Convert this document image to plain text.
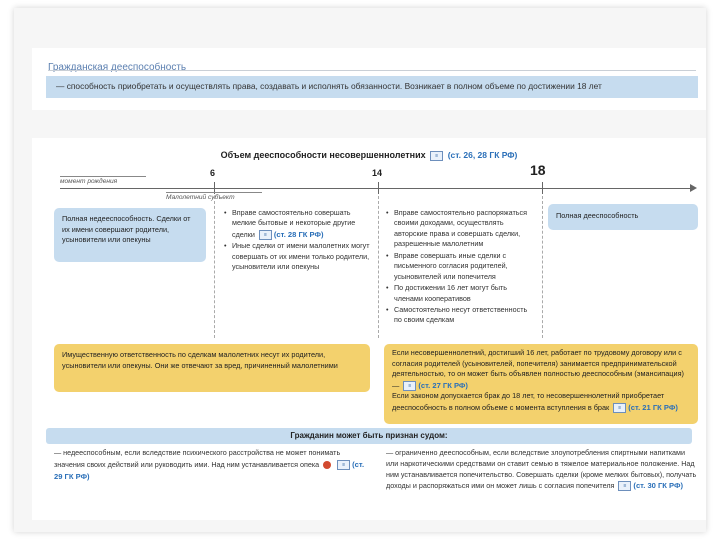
Гражданская дееспособность
— способность приобретать и осуществлять права, создавать и исполнять обязанности. Возникает в полном объеме по достижении 18 лет
Объем дееспособности несовершеннолетних ≡ (ст. 26, 28 ГК РФ)
6	14	18
момент рождения
Малолетний субъект
Полная недееспособность. Сделки от их имени совершают родители, усыновители или опекуны

• Вправе самостоятельно совершать мелкие бытовые и некоторые другие сделки ≡ (ст. 28 ГК РФ)

• Иные сделки от имени малолетних могут совершать от их имени только родители, усыновители или опекуны

• Вправе самостоятельно распоряжаться своими доходами, осуществлять авторские права и совершать сделки, разрешенные малолетним

• Вправе совершать иные сделки с письменного согласия родителей, усыновителей или попечителя

• По достижении 16 лет могут быть членами кооперативов

• Самостоятельно несут ответственность по своим сделкам

Полная дееспособность
Имущественную ответственность по сделкам малолетних несут их родители, усыновители или опекуны. Они же отвечают за вред, причиненный малолетними
Если несовершеннолетний, достигший 16 лет, работает по трудовому договору или с согласия родителей (усыновителей, попечителя) занимается предпринимательской деятельностью, то он может быть объявлен полностью дееспособным (эмансипация) — ≡ (ст. 27 ГК РФ)
Если законом допускается брак до 18 лет, то несовершеннолетний приобретает дееспособность в полном объеме с момента вступления в брак ≡ (ст. 21 ГК РФ)
Гражданин может быть признан судом:
— недееспособным, если вследствие психического расстройства не может понимать значения своих действий или руководить ими. Над ним устанавливается опека	≡ (ст. 29 ГК РФ)
— ограниченно дееспособным, если вследствие злоупотребления спиртными напитками или наркотическими средствами он ставит семью в тяжелое материальное положение. Над ним устанавливается попечительство. Совершать сделки (кроме мелких бытовых), получать доходы и распоряжаться ими он может лишь с согласия попечителя ≡ (ст. 30 ГК РФ)
